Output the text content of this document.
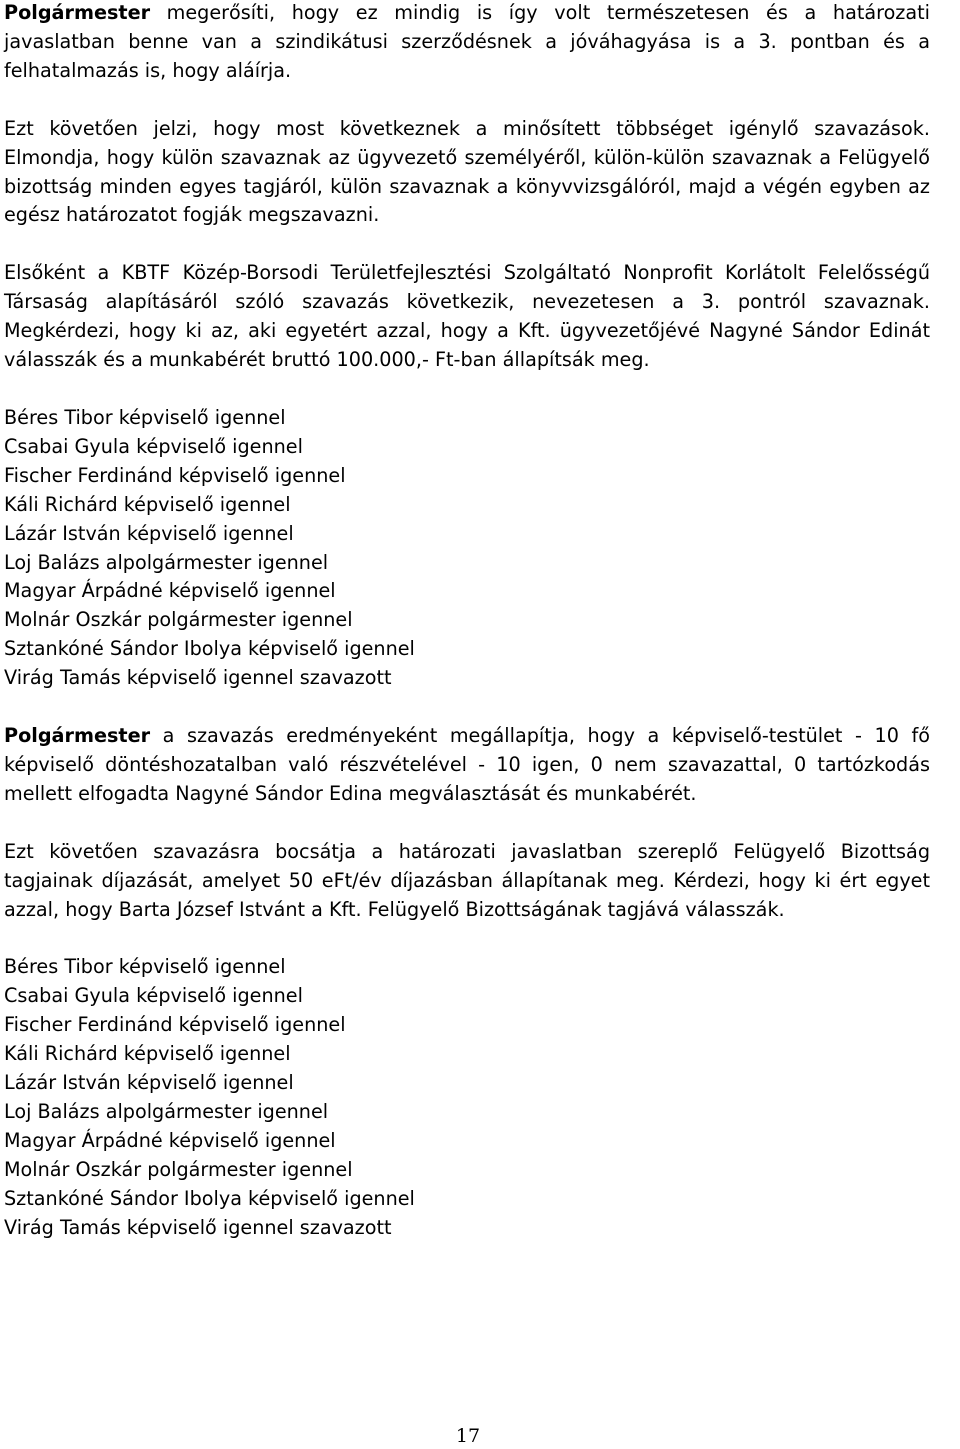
Polgármester megerősíti, hogy ez mindig is így volt természetesen és a határozati javaslatban benne van a szindikátusi szerződésnek a jóváhagyása is a 3. pontban és a felhatalmazás is, hogy aláírja.

Ezt követően jelzi, hogy most következnek a minősített többséget igénylő szavazások. Elmondja, hogy külön szavaznak az ügyvezető személyéről, külön-külön szavaznak a Felügyelő bizottság minden egyes tagjáról, külön szavaznak a könyvvizsgálóról, majd a végén egyben az egész határozatot fogják megszavazni.

Elsőként a KBTF Közép-Borsodi Területfejlesztési Szolgáltató Nonprofit Korlátolt Felelősségű Társaság alapításáról szóló szavazás következik, nevezetesen a 3. pontról szavaznak. Megkérdezi, hogy ki az, aki egyetért azzal, hogy a Kft. ügyvezetőjévé Nagyné Sándor Edinát válasszák és a munkabérét bruttó 100.000,- Ft-ban állapítsák meg.

Béres Tibor képviselő igennel
Csabai Gyula képviselő igennel
Fischer Ferdinánd képviselő igennel
Káli Richárd képviselő igennel
Lázár István képviselő igennel
Loj Balázs alpolgármester igennel
Magyar Árpádné képviselő igennel
Molnár Oszkár polgármester igennel
Sztankóné Sándor Ibolya képviselő igennel
Virág Tamás képviselő igennel szavazott

Polgármester a szavazás eredményeként megállapítja, hogy a képviselő-testület - 10 fő képviselő döntéshozatalban való részvételével - 10 igen, 0 nem szavazattal, 0 tartózkodás mellett elfogadta Nagyné Sándor Edina megválasztását és munkabérét.

Ezt követően szavazásra bocsátja a határozati javaslatban szereplő Felügyelő Bizottság tagjainak díjazását, amelyet 50 eFt/év díjazásban állapítanak meg. Kérdezi, hogy ki ért egyet azzal, hogy Barta József Istvánt a Kft. Felügyelő Bizottságának tagjává válasszák.

Béres Tibor képviselő igennel
Csabai Gyula képviselő igennel
Fischer Ferdinánd képviselő igennel
Káli Richárd képviselő igennel
Lázár István képviselő igennel
Loj Balázs alpolgármester igennel
Magyar Árpádné képviselő igennel
Molnár Oszkár polgármester igennel
Sztankóné Sándor Ibolya képviselő igennel
Virág Tamás képviselő igennel szavazott
17
